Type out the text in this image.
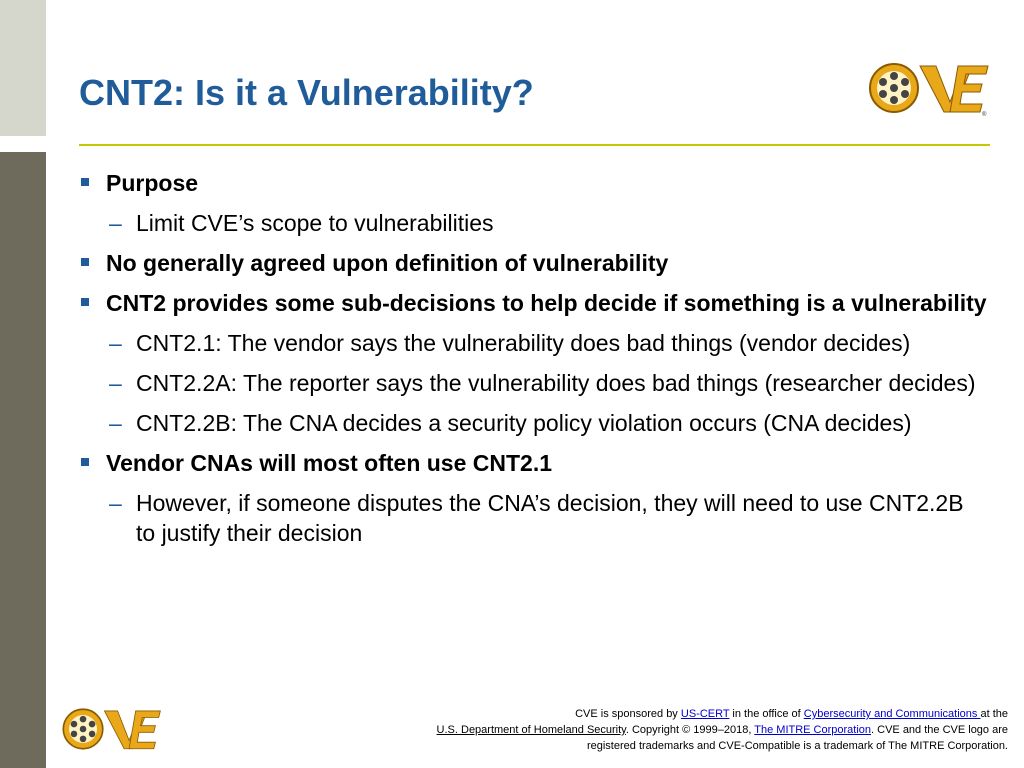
CNT2: Is it a Vulnerability?
®
Purpose
– Limit CVE’s scope to vulnerabilities
No generally agreed upon definition of vulnerability
CNT2 provides some sub-decisions to help decide if something is a vulnerability
– CNT2.1: The vendor says the vulnerability does bad things (vendor decides)
– CNT2.2A: The reporter says the vulnerability does bad things (researcher decides)
– CNT2.2B: The CNA decides a security policy violation occurs (CNA decides)
Vendor CNAs will most often use CNT2.1
– However, if someone disputes the CNA’s decision, they will need to use CNT2.2B to justify their decision
CVE is sponsored by US-CERT in the office of Cybersecurity and Communications at the
U.S. Department of Homeland Security. Copyright © 1999–2018, The MITRE Corporation. CVE and the CVE logo are registered trademarks and CVE-Compatible is a trademark of The MITRE Corporation.
